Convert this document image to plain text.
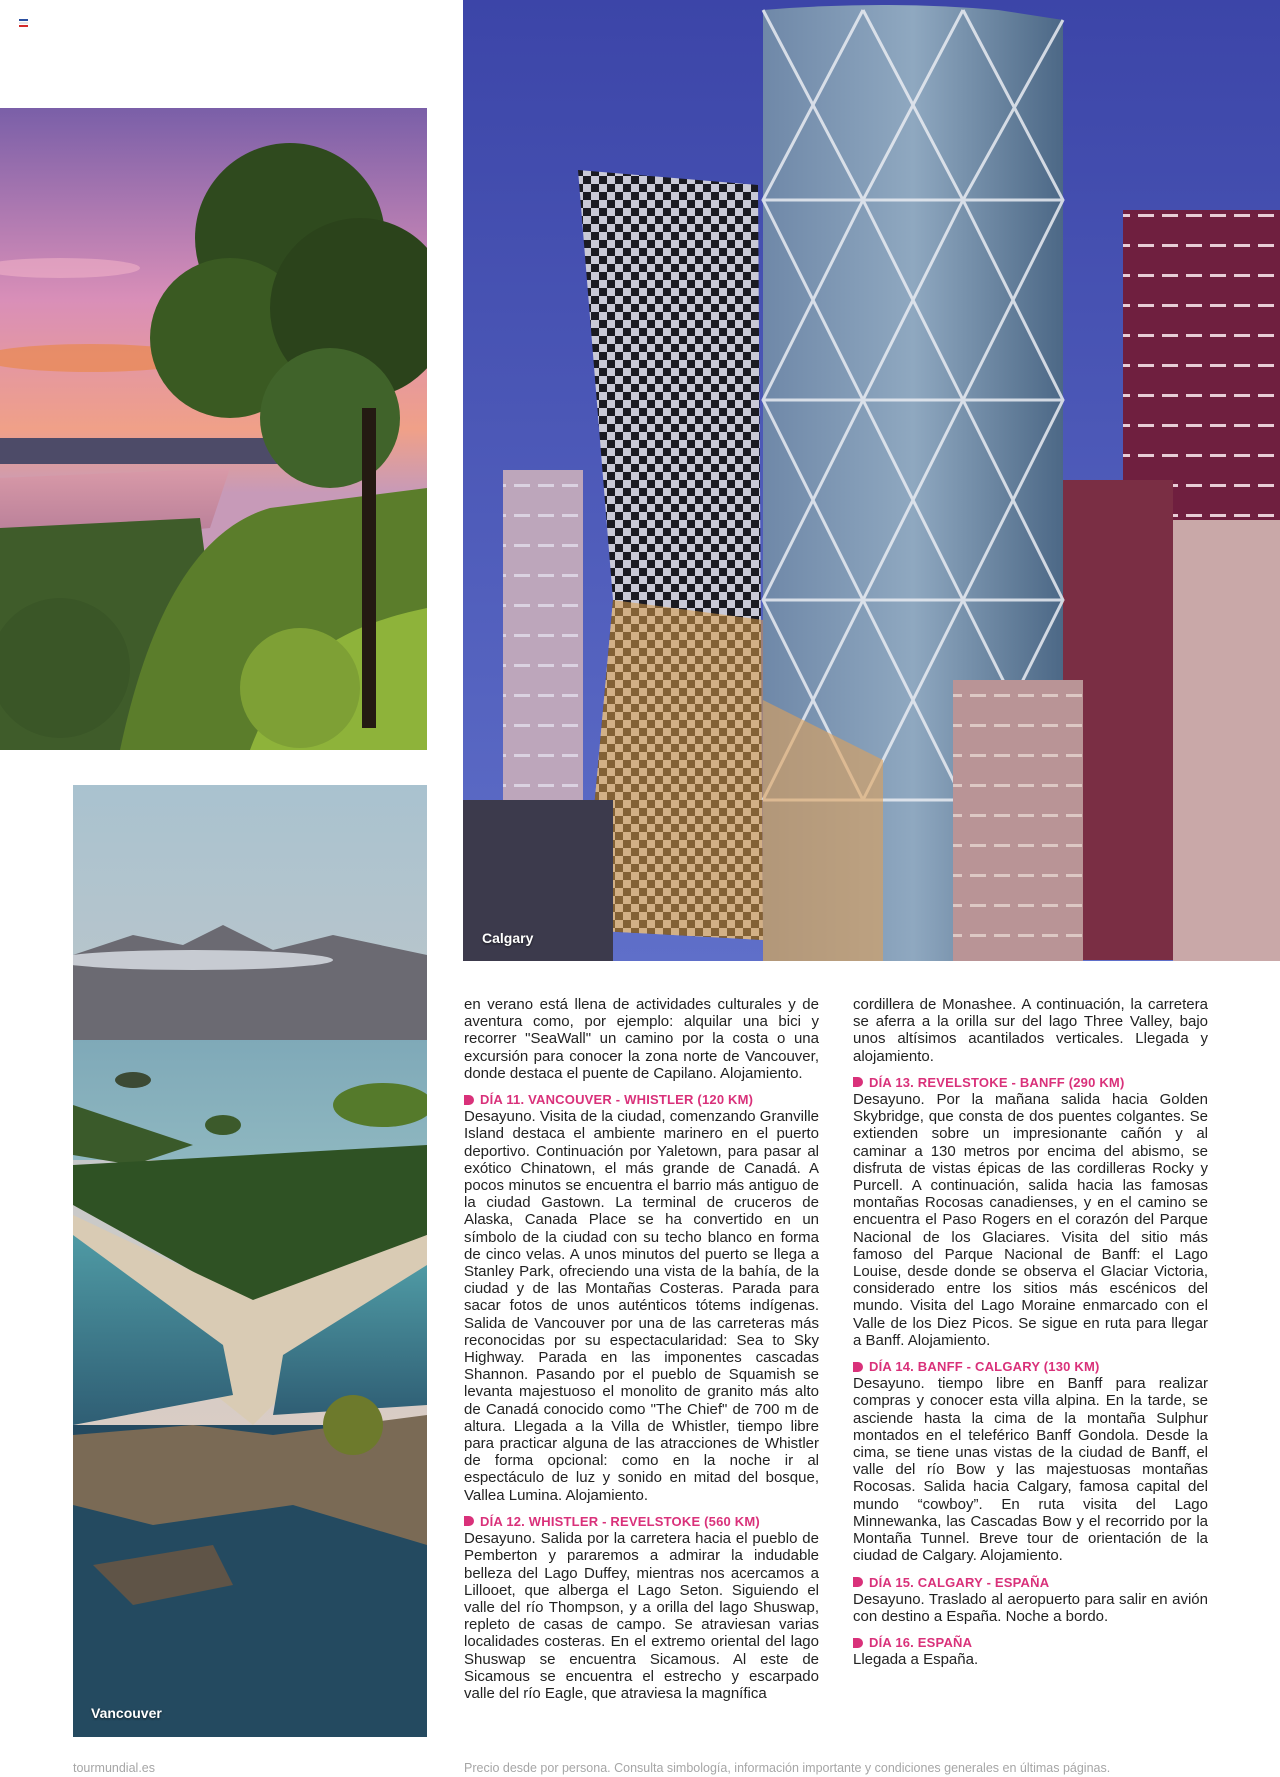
Vancouver
Calgary

en verano está llena de actividades culturales y de aventura como, por ejemplo: alquilar una bici y recorrer "SeaWall" un camino por la costa o una excursión para conocer la zona norte de Vancouver, donde destaca el puente de Capilano. Alojamiento.

DÍA 11. VANCOUVER - WHISTLER (120 KM)

Desayuno. Visita de la ciudad, comenzando Granville Island destaca el ambiente marinero en el puerto deportivo. Continuación por Yaletown, para pasar al exótico Chinatown, el más grande de Canadá. A pocos minutos se encuentra el barrio más antiguo de la ciudad Gastown. La terminal de cruceros de Alaska, Canada Place se ha convertido en un símbolo de la ciudad con su techo blanco en forma de cinco velas. A unos minutos del puerto se llega a Stanley Park, ofreciendo una vista de la bahía, de la ciudad y de las Montañas Costeras. Parada para sacar fotos de unos auténticos tótems indígenas. Salida de Vancouver por una de las carreteras más reconocidas por su espectacularidad: Sea to Sky Highway. Parada en las imponentes cascadas Shannon. Pasando por el pueblo de Squamish se levanta majestuoso el monolito de granito más alto de Canadá conocido como "The Chief" de 700 m de altura. Llegada a la Villa de Whistler, tiempo libre para practicar alguna de las atracciones de Whistler de forma opcional: como en la noche ir al espectáculo de luz y sonido en mitad del bosque, Vallea Lumina. Alojamiento.

DÍA 12. WHISTLER - REVELSTOKE (560 KM)

Desayuno. Salida por la carretera hacia el pueblo de Pemberton y pararemos a admirar la indudable belleza del Lago Duffey, mientras nos acercamos a Lillooet, que alberga el Lago Seton. Siguiendo el valle del río Thompson, y a orilla del lago Shuswap, repleto de casas de campo. Se atraviesan varias localidades costeras. En el extremo oriental del lago Shuswap se encuentra Sicamous. Al este de Sicamous se encuentra el estrecho y escarpado valle del río Eagle, que atraviesa la magnífica

cordillera de Monashee. A continuación, la carretera se aferra a la orilla sur del lago Three Valley, bajo unos altísimos acantilados verticales. Llegada y alojamiento.

DÍA 13. REVELSTOKE - BANFF (290 KM)

Desayuno. Por la mañana salida hacia Golden Skybridge, que consta de dos puentes colgantes. Se extienden sobre un impresionante cañón y al caminar a 130 metros por encima del abismo, se disfruta de vistas épicas de las cordilleras Rocky y Purcell. A continuación, salida hacia las famosas montañas Rocosas canadienses, y en el camino se encuentra el Paso Rogers en el corazón del Parque Nacional de los Glaciares. Visita del sitio más famoso del Parque Nacional de Banff: el Lago Louise, desde donde se observa el Glaciar Victoria, considerado entre los sitios más escénicos del mundo. Visita del Lago Moraine enmarcado con el Valle de los Diez Picos. Se sigue en ruta para llegar a Banff. Alojamiento.

DÍA 14. BANFF - CALGARY (130 KM)

Desayuno. tiempo libre en Banff para realizar compras y conocer esta villa alpina. En la tarde, se asciende hasta la cima de la montaña Sulphur montados en el teleférico Banff Gondola. Desde la cima, se tiene unas vistas de la ciudad de Banff, el valle del río Bow y las majestuosas montañas Rocosas. Salida hacia Calgary, famosa capital del mundo “cowboy”. En ruta visita del Lago Minnewanka, las Cascadas Bow y el recorrido por la Montaña Tunnel. Breve tour de orientación de la ciudad de Calgary. Alojamiento.

DÍA 15. CALGARY - ESPAÑA

Desayuno. Traslado al aeropuerto para salir en avión con destino a España. Noche a bordo.

DÍA 16. ESPAÑA

Llegada a España.

tourmundial.es	Precio desde por persona. Consulta simbología, información importante y condiciones generales en últimas páginas.
